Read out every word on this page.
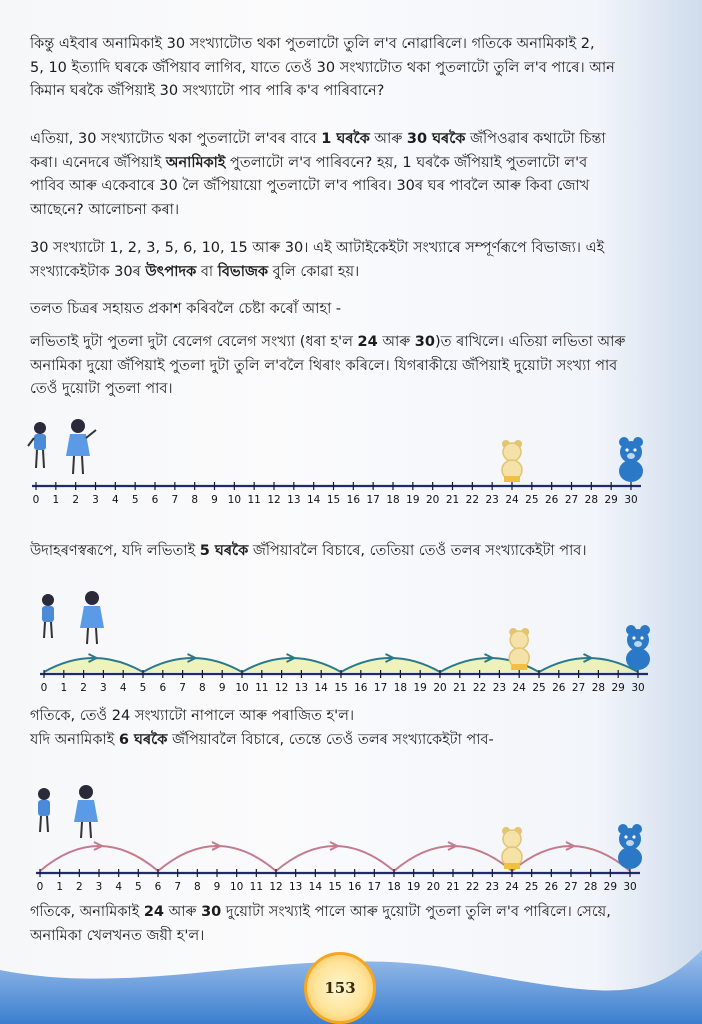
কিন্তু এইবাৰ অনামিকাই 30 সংখ্যাটোত থকা পুতলাটো তুলি ল'ব নোৱাৰিলে। গতিকে অনামিকাই 2,
5, 10 ইত্যাদি ঘৰকে জঁপিয়াব লাগিব, যাতে তেওঁ 30 সংখ্যাটোত থকা পুতলাটো তুলি ল'ব পাৰে। আন
কিমান ঘৰকৈ জঁপিয়াই 30 সংখ্যাটো পাব পাৰি ক'ব পাৰিবানে?

এতিয়া, 30 সংখ্যাটোত থকা পুতলাটো ল'বৰ বাবে 1 ঘৰকৈ আৰু 30 ঘৰকৈ জঁপিওৱাৰ কথাটো চিন্তা
কৰা। এনেদৰে জঁপিয়াই অনামিকাই পুতলাটো ল'ব পাৰিবনে? হয়, 1 ঘৰকৈ জঁপিয়াই পুতলাটো ল'ব
পাবিব আৰু একেবাৰে 30 লৈ জঁপিয়ায়ো পুতলাটো ল'ব পাৰিব। 30ৰ ঘৰ পাবলৈ আৰু কিবা জোখ
আছেনে? আলোচনা কৰা।

30 সংখ্যাটো 1, 2, 3, 5, 6, 10, 15 আৰু 30। এই আটাইকেইটা সংখ্যাৰে সম্পূৰ্ণৰূপে বিভাজ্য। এই
সংখ্যাকেইটাক 30ৰ উৎপাদক বা বিভাজক বুলি কোৱা হয়।

তলত চিত্ৰৰ সহায়ত প্ৰকাশ কৰিবলৈ চেষ্টা কৰোঁ আহা -

লভিতাই দুটা পুতলা দুটা বেলেগ বেলেগ সংখ্যা (ধৰা হ'ল 24 আৰু 30)ত ৰাখিলে। এতিয়া লভিতা আৰু
অনামিকা দুয়ো জঁপিয়াই পুতলা দুটা তুলি ল'বলৈ থিৰাং কৰিলে। যিগৰাকীয়ে জঁপিয়াই দুয়োটা সংখ্যা পাব
তেওঁ দুয়োটা পুতলা পাব।

0 1 2 3 4 5 6 7 8 9 10 11 12 13 14 15 16 17 18 19 20 21 22 23 24 25 26 27 28 29 30

উদাহৰণস্বৰূপে, যদি লভিতাই 5 ঘৰকৈ জঁপিয়াবলৈ বিচাৰে, তেতিয়া তেওঁ তলৰ সংখ্যাকেইটা পাব।

0 1 2 3 4 5 6 7 8 9 10 11 12 13 14 15 16 17 18 19 20 21 22 23 24 25 26 27 28 29 30

গতিকে, তেওঁ 24 সংখ্যাটো নাপালে আৰু পৰাজিত হ'ল।
যদি অনামিকাই 6 ঘৰকৈ জঁপিয়াবলৈ বিচাৰে, তেন্তে তেওঁ তলৰ সংখ্যাকেইটা পাব-

0 1 2 3 4 5 6 7 8 9 10 11 12 13 14 15 16 17 18 19 20 21 22 23 24 25 26 27 28 29 30

গতিকে, অনামিকাই 24 আৰু 30 দুয়োটা সংখ্যাই পালে আৰু দুয়োটা পুতলা তুলি ল'ব পাৰিলে। সেয়ে,
অনামিকা খেলখনত জয়ী হ'ল।

153
